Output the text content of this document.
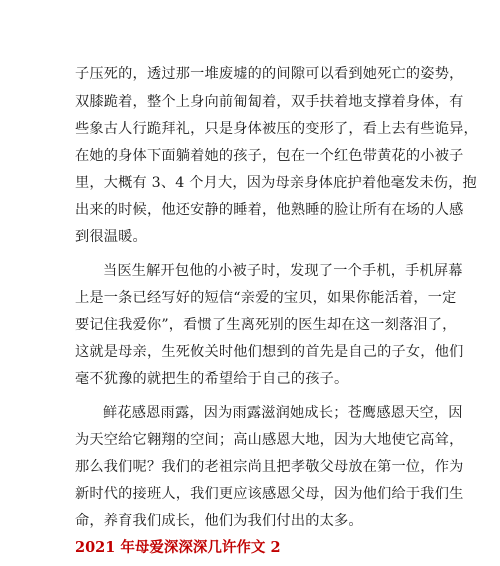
子压死的，透过那一堆废墟的的间隙可以看到她死亡的姿势，
双膝跪着，整个上身向前匍匐着，双手扶着地支撑着身体，有
些象古人行跪拜礼，只是身体被压的变形了，看上去有些诡异，
在她的身体下面躺着她的孩子，包在一个红色带黄花的小被子
里，大概有 3、4 个月大，因为母亲身体庇护着他毫发未伤，抱
出来的时候，他还安静的睡着，他熟睡的脸让所有在场的人感
到很温暖。
当医生解开包他的小被子时，发现了一个手机，手机屏幕
上是一条已经写好的短信“亲爱的宝贝，如果你能活着，一定
要记住我爱你”，看惯了生离死别的医生却在这一刻落泪了，
这就是母亲，生死攸关时他们想到的首先是自己的子女，他们
毫不犹豫的就把生的希望给于自己的孩子。
鲜花感恩雨露，因为雨露滋润她成长；苍鹰感恩天空，因
为天空给它翱翔的空间；高山感恩大地，因为大地使它高耸，
那么我们呢？我们的老祖宗尚且把孝敬父母放在第一位，作为
新时代的接班人，我们更应该感恩父母，因为他们给于我们生
命，养育我们成长，他们为我们付出的太多。
2021 年母爱深深深几许作文 2
